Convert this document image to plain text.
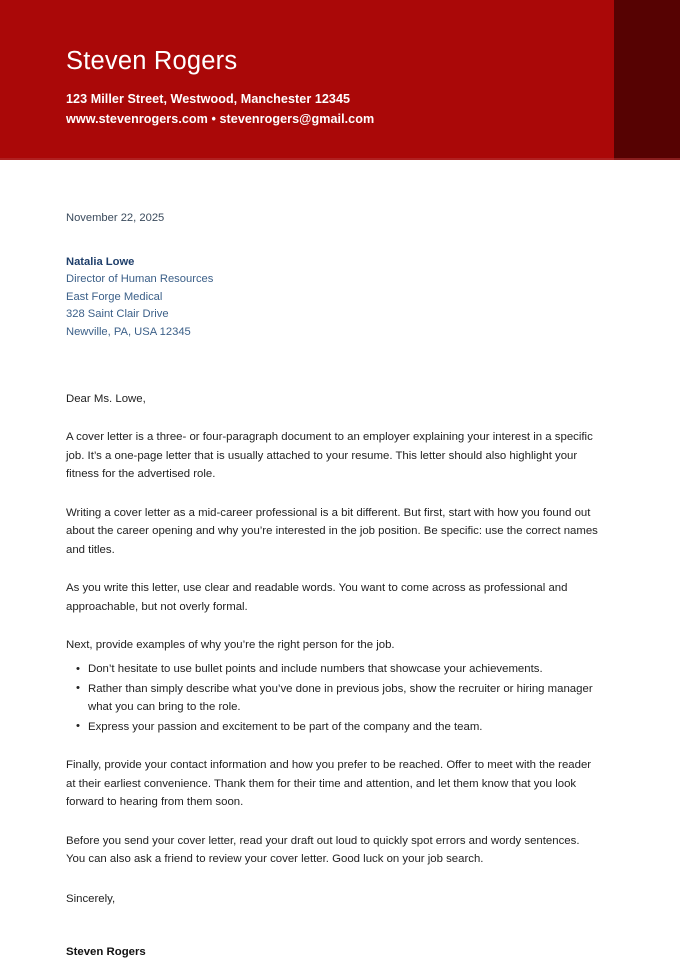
Steven Rogers
123 Miller Street, Westwood, Manchester 12345
www.stevenrogers.com • stevenrogers@gmail.com
November 22, 2025
Natalia Lowe
Director of Human Resources
East Forge Medical
328 Saint Clair Drive
Newville, PA, USA 12345
Dear Ms. Lowe,
A cover letter is a three- or four-paragraph document to an employer explaining your interest in a specific job. It’s a one-page letter that is usually attached to your resume. This letter should also highlight your fitness for the advertised role.
Writing a cover letter as a mid-career professional is a bit different. But first, start with how you found out about the career opening and why you’re interested in the job position. Be specific: use the correct names and titles.
As you write this letter, use clear and readable words. You want to come across as professional and approachable, but not overly formal.
Next, provide examples of why you’re the right person for the job.
• Don’t hesitate to use bullet points and include numbers that showcase your achievements.
• Rather than simply describe what you’ve done in previous jobs, show the recruiter or hiring manager what you can bring to the role.
• Express your passion and excitement to be part of the company and the team.
Finally, provide your contact information and how you prefer to be reached. Offer to meet with the reader at their earliest convenience. Thank them for their time and attention, and let them know that you look forward to hearing from them soon.
Before you send your cover letter, read your draft out loud to quickly spot errors and wordy sentences. You can also ask a friend to review your cover letter. Good luck on your job search.
Sincerely,
Steven Rogers
